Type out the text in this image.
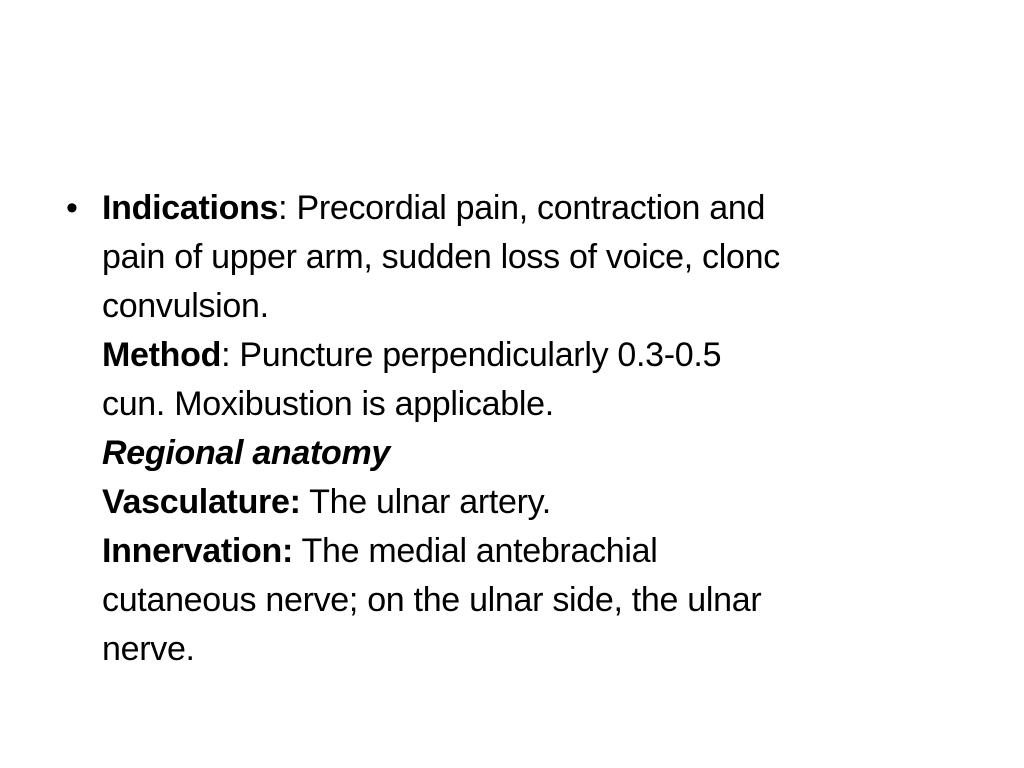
• Indications: Precordial pain, contraction and
pain of upper arm, sudden loss of voice, clonc
convulsion.
Method: Puncture perpendicularly 0.3-0.5
cun. Moxibustion is applicable.
Regional anatomy
Vasculature: The ulnar artery.
Innervation: The medial antebrachial
cutaneous nerve; on the ulnar side, the ulnar
nerve.
